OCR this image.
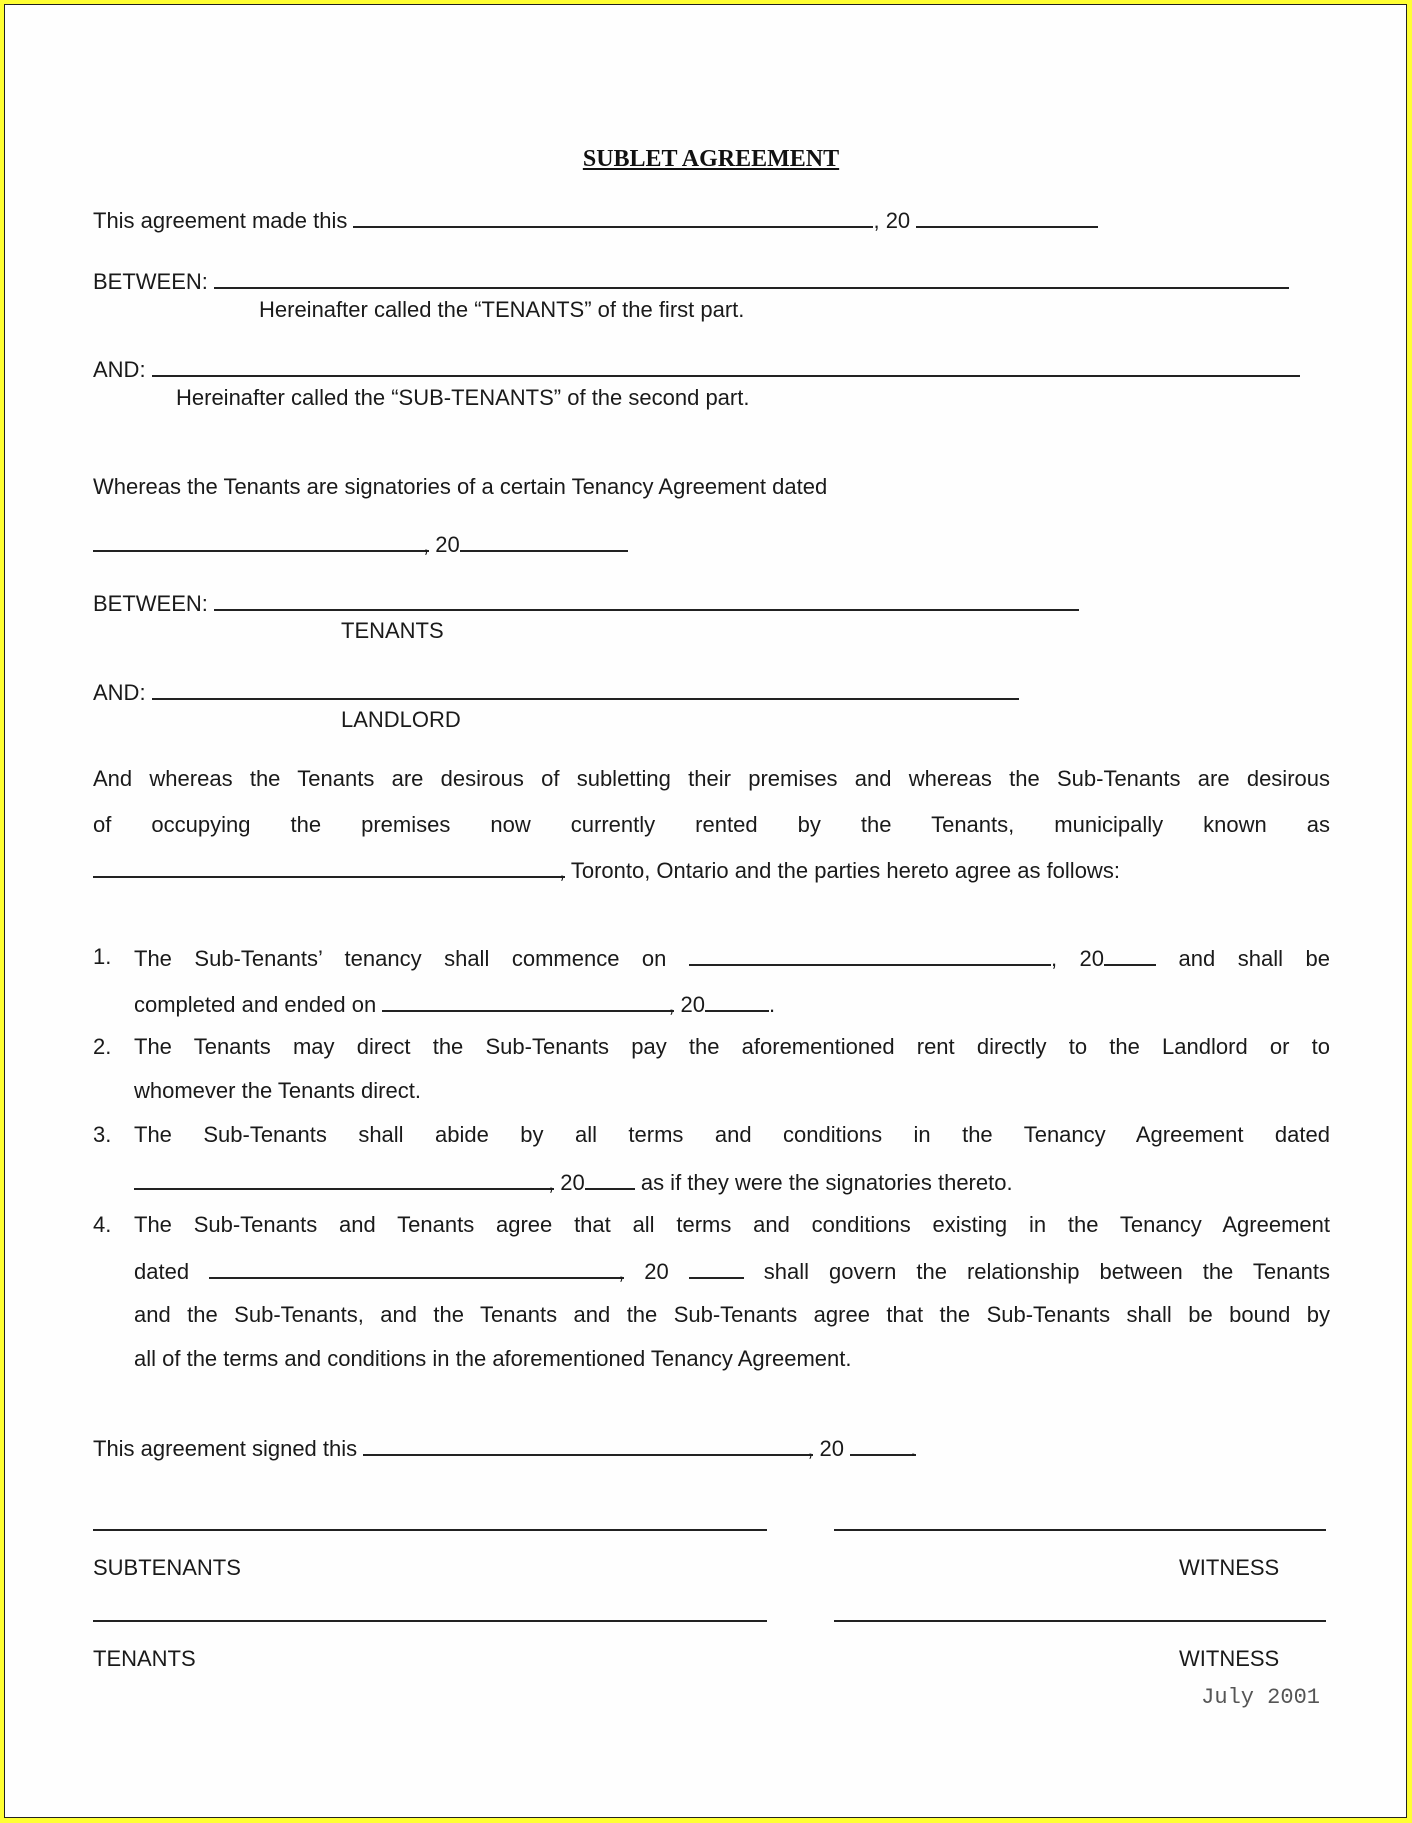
SUBLET AGREEMENT
This agreement made this	, 20
BETWEEN:
Hereinafter called the “TENANTS” of the first part.
AND:
Hereinafter called the “SUB-TENANTS” of the second part.
Whereas the Tenants are signatories of a certain Tenancy Agreement dated
, 20
BETWEEN:
TENANTS
AND:
LANDLORD
And whereas the Tenants are desirous of subletting their premises and whereas the Sub-Tenants are desirous
of occupying the premises now currently rented by the Tenants, municipally known as
, Toronto, Ontario and the parties hereto agree as follows:
1. The Sub-Tenants’ tenancy shall commence on	, 20	and shall be
completed and ended on	, 20	.
2. The Tenants may direct the Sub-Tenants pay the aforementioned rent directly to the Landlord or to
whomever the Tenants direct.
3. The Sub-Tenants shall abide by all terms and conditions in the Tenancy Agreement dated
, 20	as if they were the signatories thereto.
4. The Sub-Tenants and Tenants agree that all terms and conditions existing in the Tenancy Agreement
dated	, 20	shall govern the relationship between the Tenants
and the Sub-Tenants, and the Tenants and the Sub-Tenants agree that the Sub-Tenants shall be bound by
all of the terms and conditions in the aforementioned Tenancy Agreement.
This agreement signed this	, 20	.
SUBTENANTS	WITNESS
TENANTS	WITNESS
July 2001
